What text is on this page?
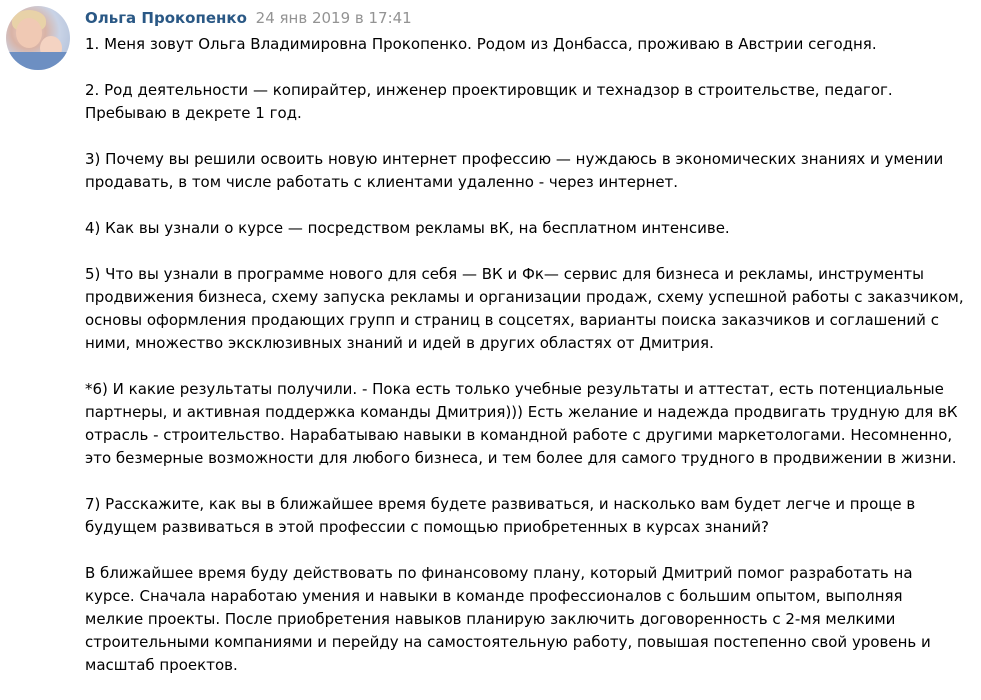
Ольга Прокопенко 24 янв 2019 в 17:41

1. Меня зовут Ольга Владимировна Прокопенко. Родом из Донбасса, проживаю в Австрии сегодня.

2. Род деятельности — копирайтер, инженер проектировщик и технадзор в строительстве, педагог. Пребываю в декрете 1 год.

3) Почему вы решили освоить новую интернет профессию — нуждаюсь в экономических знаниях и умении продавать, в том числе работать с клиентами удаленно - через интернет.

4) Как вы узнали о курсе — посредством рекламы вК, на бесплатном интенсиве.

5) Что вы узнали в программе нового для себя — ВК и Фк— сервис для бизнеса и рекламы, инструменты продвижения бизнеса, схему запуска рекламы и организации продаж, схему успешной работы с заказчиком, основы оформления продающих групп и страниц в соцсетях, варианты поиска заказчиков и соглашений с ними, множество эксклюзивных знаний и идей в других областях от Дмитрия.

*6) И какие результаты получили. - Пока есть только учебные результаты и аттестат, есть потенциальные партнеры, и активная поддержка команды Дмитрия))) Есть желание и надежда продвигать трудную для вК отрасль - строительство. Нарабатываю навыки в командной работе с другими маркетологами. Несомненно, это безмерные возможности для любого бизнеса, и тем более для самого трудного в продвижении в жизни.

7) Расскажите, как вы в ближайшее время будете развиваться, и насколько вам будет легче и проще в будущем развиваться в этой профессии с помощью приобретенных в курсах знаний?

В ближайшее время буду действовать по финансовому плану, который Дмитрий помог разработать на курсе. Сначала наработаю умения и навыки в команде профессионалов с большим опытом, выполняя мелкие проекты. После приобретения навыков планирую заключить договоренность с 2-мя мелкими строительными компаниями и перейду на самостоятельную работу, повышая постепенно свой уровень и масштаб проектов.
